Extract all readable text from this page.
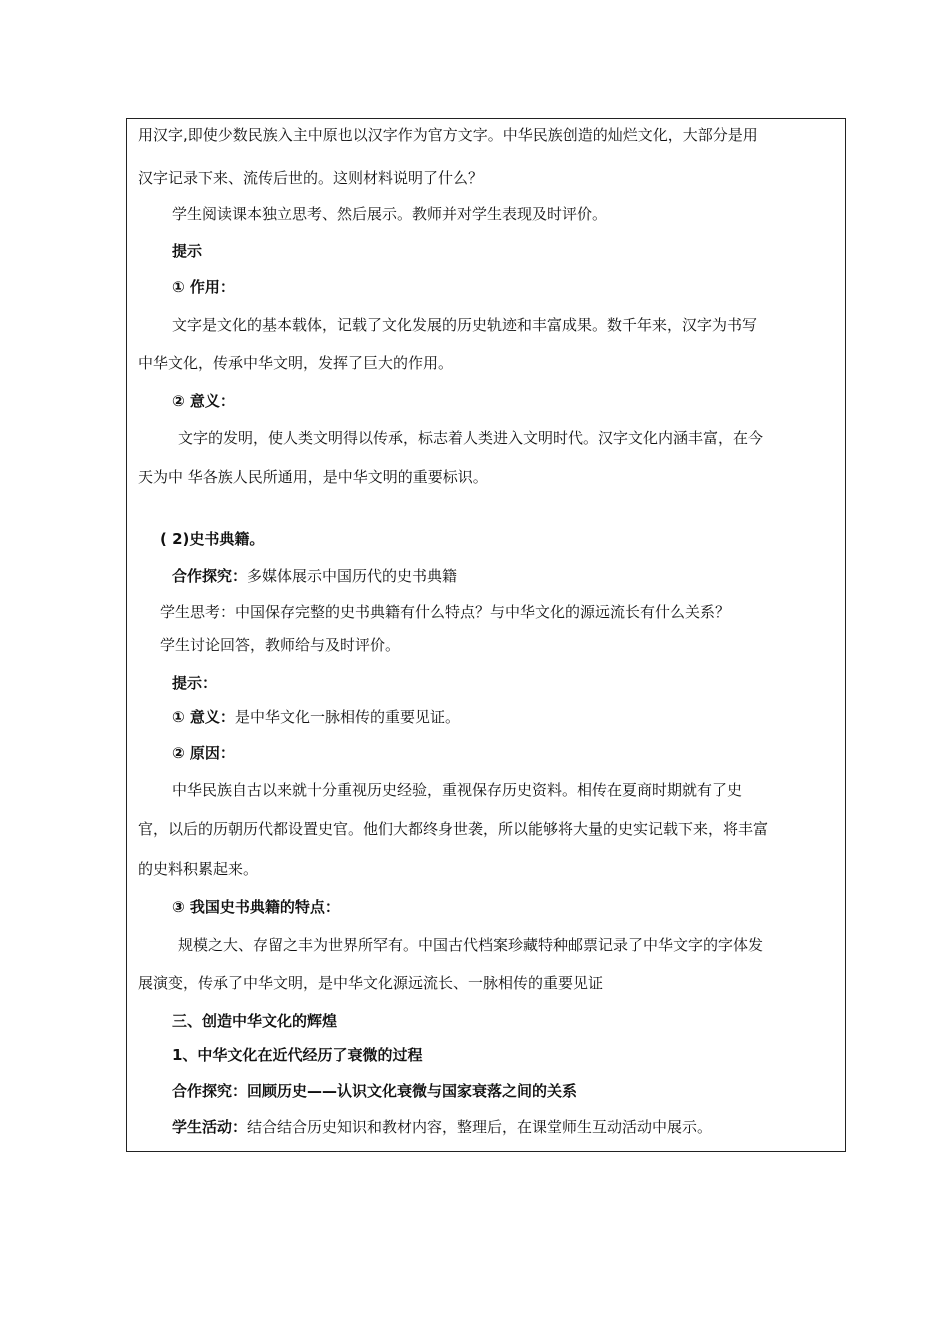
用汉字,即使少数民族入主中原也以汉字作为官方文字。中华民族创造的灿烂文化，大部分是用
汉字记录下来、流传后世的。这则材料说明了什么？
学生阅读课本独立思考、然后展示。教师并对学生表现及时评价。
提示
① 作用：
文字是文化的基本载体，记载了文化发展的历史轨迹和丰富成果。数千年来，汉字为书写
中华文化，传承中华文明，发挥了巨大的作用。
② 意义：
文字的发明，使人类文明得以传承，标志着人类进入文明时代。汉字文化内涵丰富，在今
天为中 华各族人民所通用，是中华文明的重要标识。
( 2)史书典籍。
合作探究：多媒体展示中国历代的史书典籍
学生思考：中国保存完整的史书典籍有什么特点？与中华文化的源远流长有什么关系？
学生讨论回答，教师给与及时评价。
提示：
① 意义：是中华文化一脉相传的重要见证。
② 原因：
中华民族自古以来就十分重视历史经验，重视保存历史资料。相传在夏商时期就有了史
官，以后的历朝历代都设置史官。他们大都终身世袭，所以能够将大量的史实记载下来，将丰富
的史料积累起来。
③ 我国史书典籍的特点：
规模之大、存留之丰为世界所罕有。中国古代档案珍藏特种邮票记录了中华文字的字体发
展演变，传承了中华文明，是中华文化源远流长、一脉相传的重要见证
三、创造中华文化的辉煌
1、中华文化在近代经历了衰微的过程
合作探究：回顾历史——认识文化衰微与国家衰落之间的关系
学生活动：结合结合历史知识和教材内容，整理后，在课堂师生互动活动中展示。
